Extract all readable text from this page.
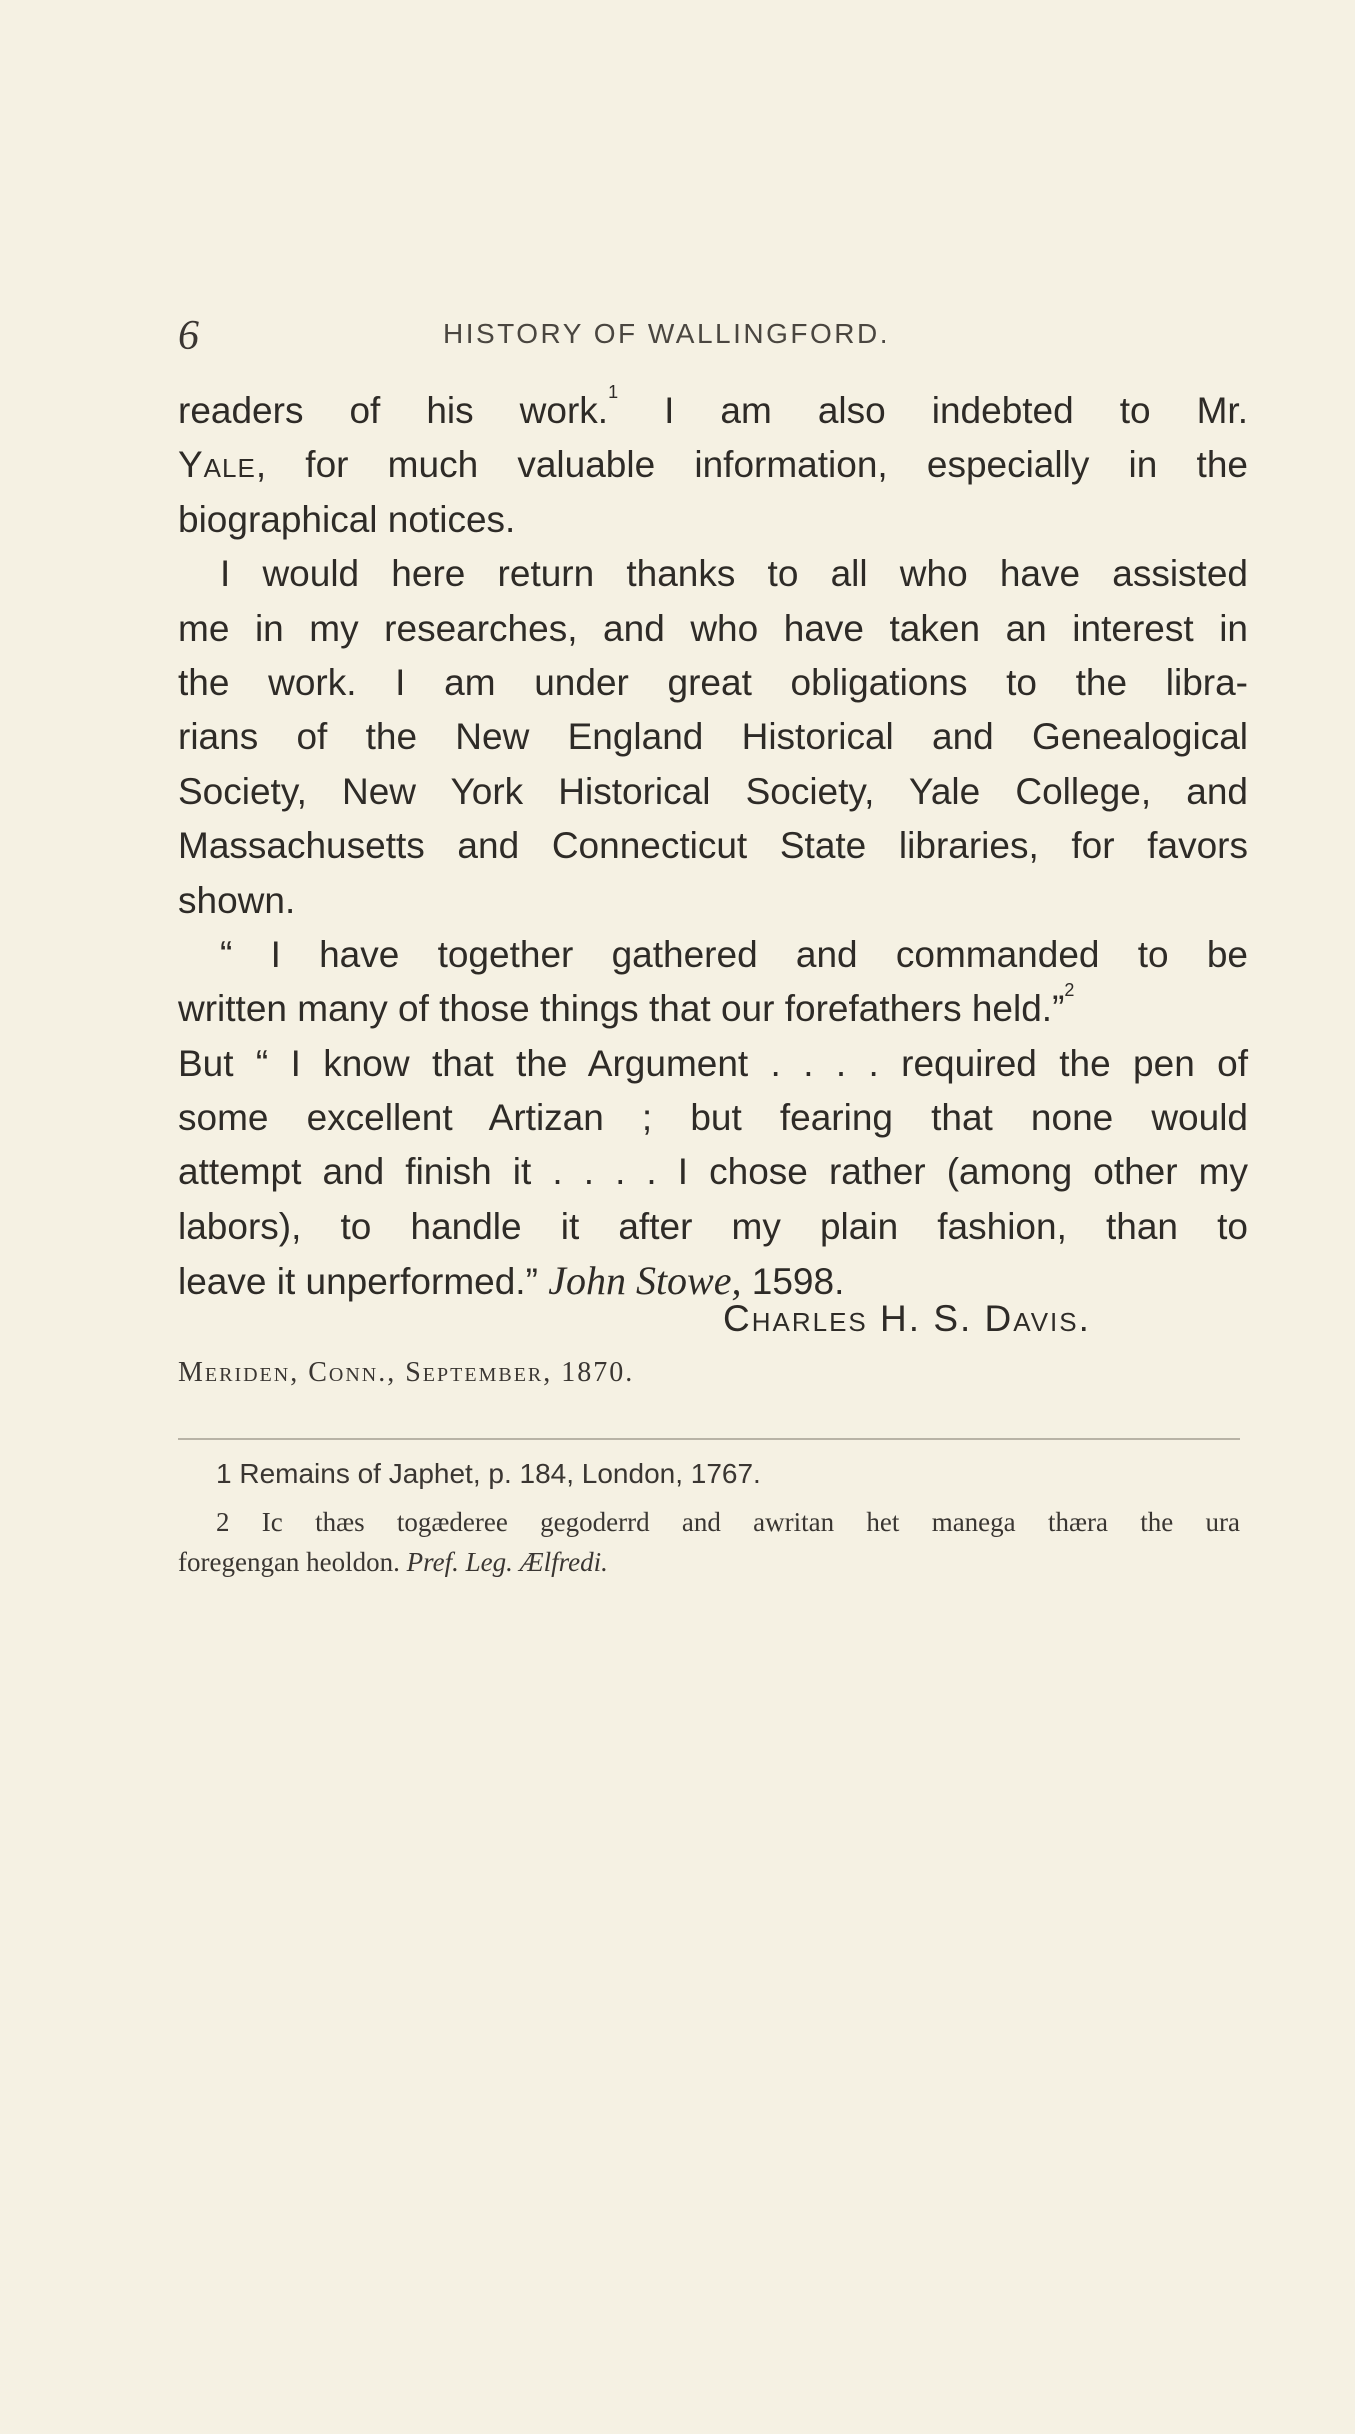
6	HISTORY OF WALLINGFORD.
readers of his work.$^1$ I am also indebted to Mr.
Yale, for much valuable information, especially in the
biographical notices.
I would here return thanks to all who have assisted
me in my researches, and who have taken an interest in
the work. I am under great obligations to the libra-
rians of the New England Historical and Genealogical
Society, New York Historical Society, Yale College, and
Massachusetts and Connecticut State libraries, for favors
shown.
“ I have together gathered and commanded to be
written many of those things that our forefathers held.”$^2$
But “ I know that the Argument . . . . required the pen of
some excellent Artizan ; but fearing that none would
attempt and finish it . . . . I chose rather (among other my
labors), to handle it after my plain fashion, than to
leave it unperformed.” John Stowe, 1598.
Charles H. S. Davis.
Meriden, Conn., September, 1870.
1 Remains of Japhet, p. 184, London, 1767.
2 Ic thæs togæderee gegoderrd and awritan het manega thæra the ura
foregengan heoldon. Pref. Leg. Ælfredi.
